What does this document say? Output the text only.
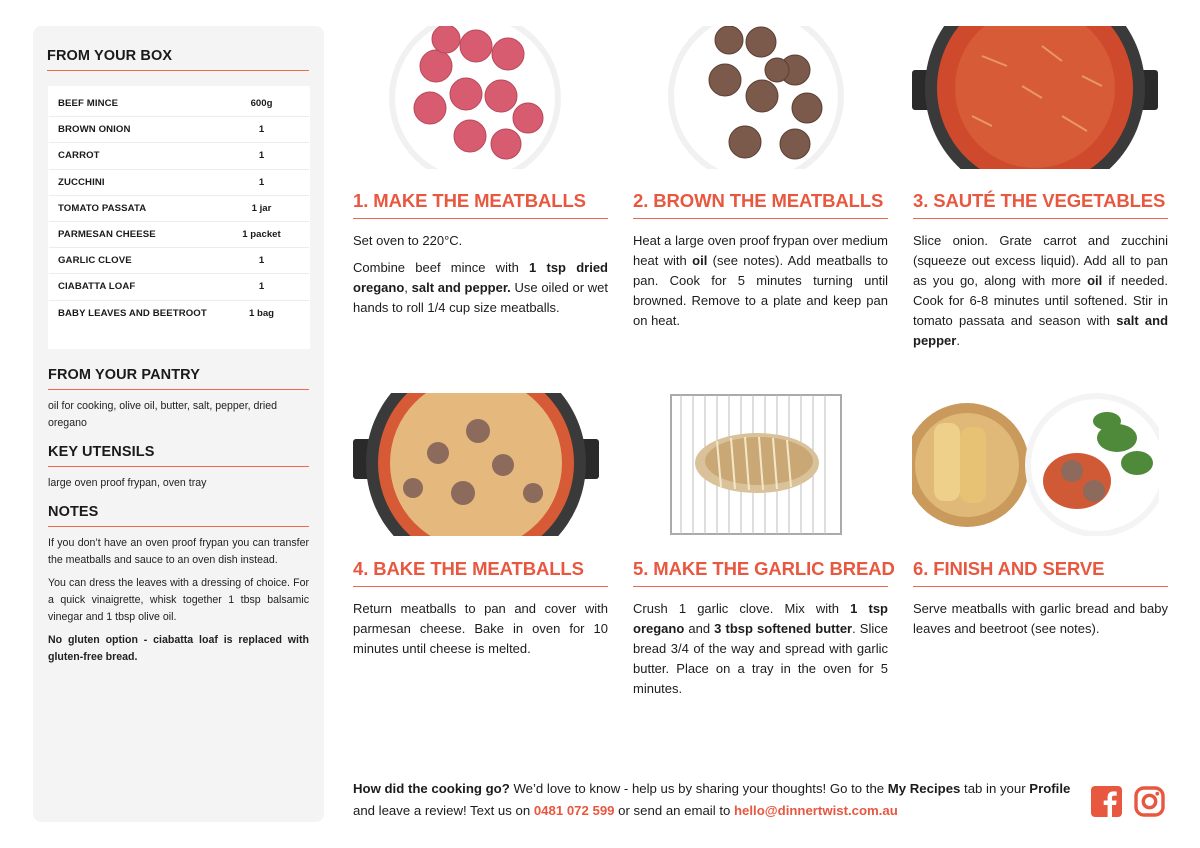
FROM YOUR BOX
BEEF MINCE	600g
BROWN ONION	1
CARROT	1
ZUCCHINI	1
TOMATO PASSATA	1 jar
PARMESAN CHEESE	1 packet
GARLIC CLOVE	1
CIABATTA LOAF	1
BABY LEAVES AND BEETROOT	1 bag
FROM YOUR PANTRY

oil for cooking, olive oil, butter, salt, pepper, dried oregano

KEY UTENSILS

large oven proof frypan, oven tray

NOTES

If you don’t have an oven proof frypan you can transfer the meatballs and sauce to an oven dish instead.

You can dress the leaves with a dressing of choice. For a quick vinaigrette, whisk together 1 tbsp balsamic vinegar and 1 tbsp olive oil.

No gluten option - ciabatta loaf is replaced with gluten-free bread.

1. MAKE THE MEATBALLS

Set oven to 220°C.

Combine beef mince with 1 tsp dried oregano, salt and pepper. Use oiled or wet hands to roll 1/4 cup size meatballs.

2. BROWN THE MEATBALLS

Heat a large oven proof frypan over medium heat with oil (see notes). Add meatballs to pan. Cook for 5 minutes turning until browned. Remove to a plate and keep pan on heat.

3. SAUTÉ THE VEGETABLES

Slice onion. Grate carrot and zucchini (squeeze out excess liquid). Add all to pan as you go, along with more oil if needed. Cook for 6-8 minutes until softened. Stir in tomato passata and season with salt and pepper.

4. BAKE THE MEATBALLS

Return meatballs to pan and cover with parmesan cheese. Bake in oven for 10 minutes until cheese is melted.

5. MAKE THE GARLIC BREAD

Crush 1 garlic clove. Mix with 1 tsp oregano and 3 tbsp softened butter. Slice bread 3/4 of the way and spread with garlic butter. Place on a tray in the oven for 5 minutes.

6. FINISH AND SERVE

Serve meatballs with garlic bread and baby leaves and beetroot (see notes).

How did the cooking go? We’d love to know - help us by sharing your thoughts! Go to the My Recipes tab in your Profile and leave a review! Text us on 0481 072 599 or send an email to hello@dinnertwist.com.au
